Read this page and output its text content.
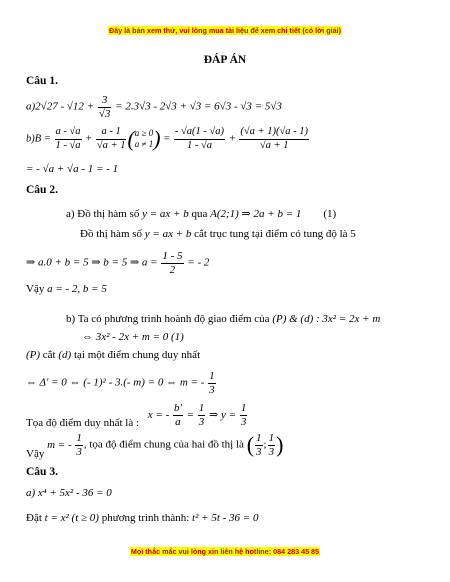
Đây là bản xem thử, vui lòng mua tài liệu để xem chi tiết (có lời giải)
ĐÁP ÁN
Câu 1.
$a)2√27 - √12 + \frac{3}{√3} = 2.3√3 - 2√3 + √3 = 6√3 - √3 = 5√3$
$b)B = \frac{a - √a}{1 - √a} + \frac{a - 1}{√a + 1}$ ( a ≥ 0
a ≠ 1 ) = $\frac{- √a(1 - √a)}{1 - √a} + \frac{(√a + 1)(√a - 1)}{√a + 1}$
= - √a + √a - 1 = - 1
Câu 2.
a) Đồ thị hàm số y = ax + b qua A(2;1) ⇒ 2a + b = 1 (1)
Đồ thị hàm số y = ax + b cắt trục tung tại điểm có tung độ là 5
⇒ a.0 + b = 5 ⇒ b = 5 ⇒ $a = \frac{1 - 5}{2}$ = - 2
Vậy a = - 2, b = 5
b) Ta có phương trình hoành độ giao điểm của (P) & (d) : 3x² = 2x + m
⇔ 3x² - 2x + m = 0 (1)
(P) cắt (d) tại một điểm chung duy nhất
⇔ Δ' = 0 ⇔ (- 1)² - 3.(- m) = 0 ⇔ m = - $\frac{1}{3}$
Tọa độ điểm duy nhất là : x = - $\frac{b'}{a} = \frac{1}{3}$ ⇒ $y = \frac{1}{3}$
Vậy m = - $\frac{1}{3}$ , tọa độ điểm chung của hai đồ thị là ( $\frac{1}{3}$ ; $\frac{1}{3}$ )
Câu 3.
a) x⁴ + 5x² - 36 = 0
Đặt t = x² (t ≥ 0) phương trình thành: t² + 5t - 36 = 0
Mọi thắc mắc vui lòng xin liên hệ hotline: 084 283 45 85
